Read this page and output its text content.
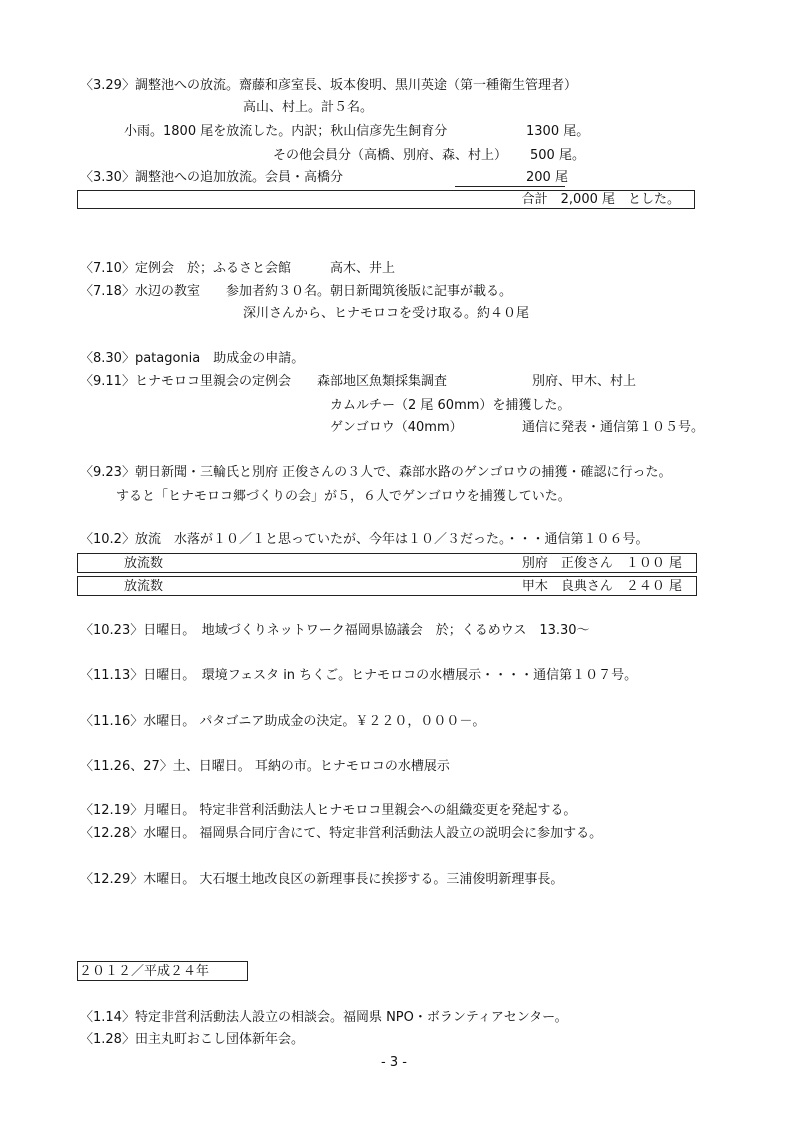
〈3.29〉調整池への放流。齋藤和彦室長、坂本俊明、黒川英途（第一種衛生管理者）
高山、村上。計５名。
小雨。1800 尾を放流した。内訳；秋山信彦先生飼育分	1300 尾。
その他会員分（高橋、別府、森、村上） 500 尾。
〈3.30〉調整池への追加放流。会員・高橋分	200 尾
合計　2,000 尾　とした。
〈7.10〉定例会　於；ふるさと会館　　　高木、井上
〈7.18〉水辺の教室　　参加者約３０名。朝日新聞筑後版に記事が載る。
深川さんから、ヒナモロコを受け取る。約４０尾
〈8.30〉patagonia　助成金の申請。
〈9.11〉ヒナモロコ里親会の定例会　　森部地区魚類採集調査	別府、甲木、村上
カムルチー（2 尾 60mm）を捕獲した。
ゲンゴロウ（40mm）	通信に発表・通信第１０５号。
〈9.23〉朝日新聞・三輪氏と別府 正俊さんの３人で、森部水路のゲンゴロウの捕獲・確認に行った。
すると「ヒナモロコ郷づくりの会」が５，６人でゲンゴロウを捕獲していた。
〈10.2〉放流　水落が１０／１と思っていたが、今年は１０／３だった。・・・通信第１０６号。
放流数	別府　正俊さん　１００ 尾
放流数	甲木　良典さん　２４０ 尾
〈10.23〉日曜日。　地域づくりネットワーク福岡県協議会　於；くるめウス　13.30～
〈11.13〉日曜日。　環境フェスタ in ちくご。ヒナモロコの水槽展示・・・・通信第１０７号。
〈11.16〉水曜日。 パタゴニア助成金の決定。￥２２０，０００－。
〈11.26、27〉土、日曜日。 耳納の市。ヒナモロコの水槽展示
〈12.19〉月曜日。 特定非営利活動法人ヒナモロコ里親会への組織変更を発起する。
〈12.28〉水曜日。 福岡県合同庁舎にて、特定非営利活動法人設立の説明会に参加する。
〈12.29〉木曜日。 大石堰土地改良区の新理事長に挨拶する。三浦俊明新理事長。
２０１２／平成２４年
〈1.14〉特定非営利活動法人設立の相談会。福岡県 NPO・ボランティアセンター。
〈1.28〉田主丸町おこし団体新年会。
- 3 -
